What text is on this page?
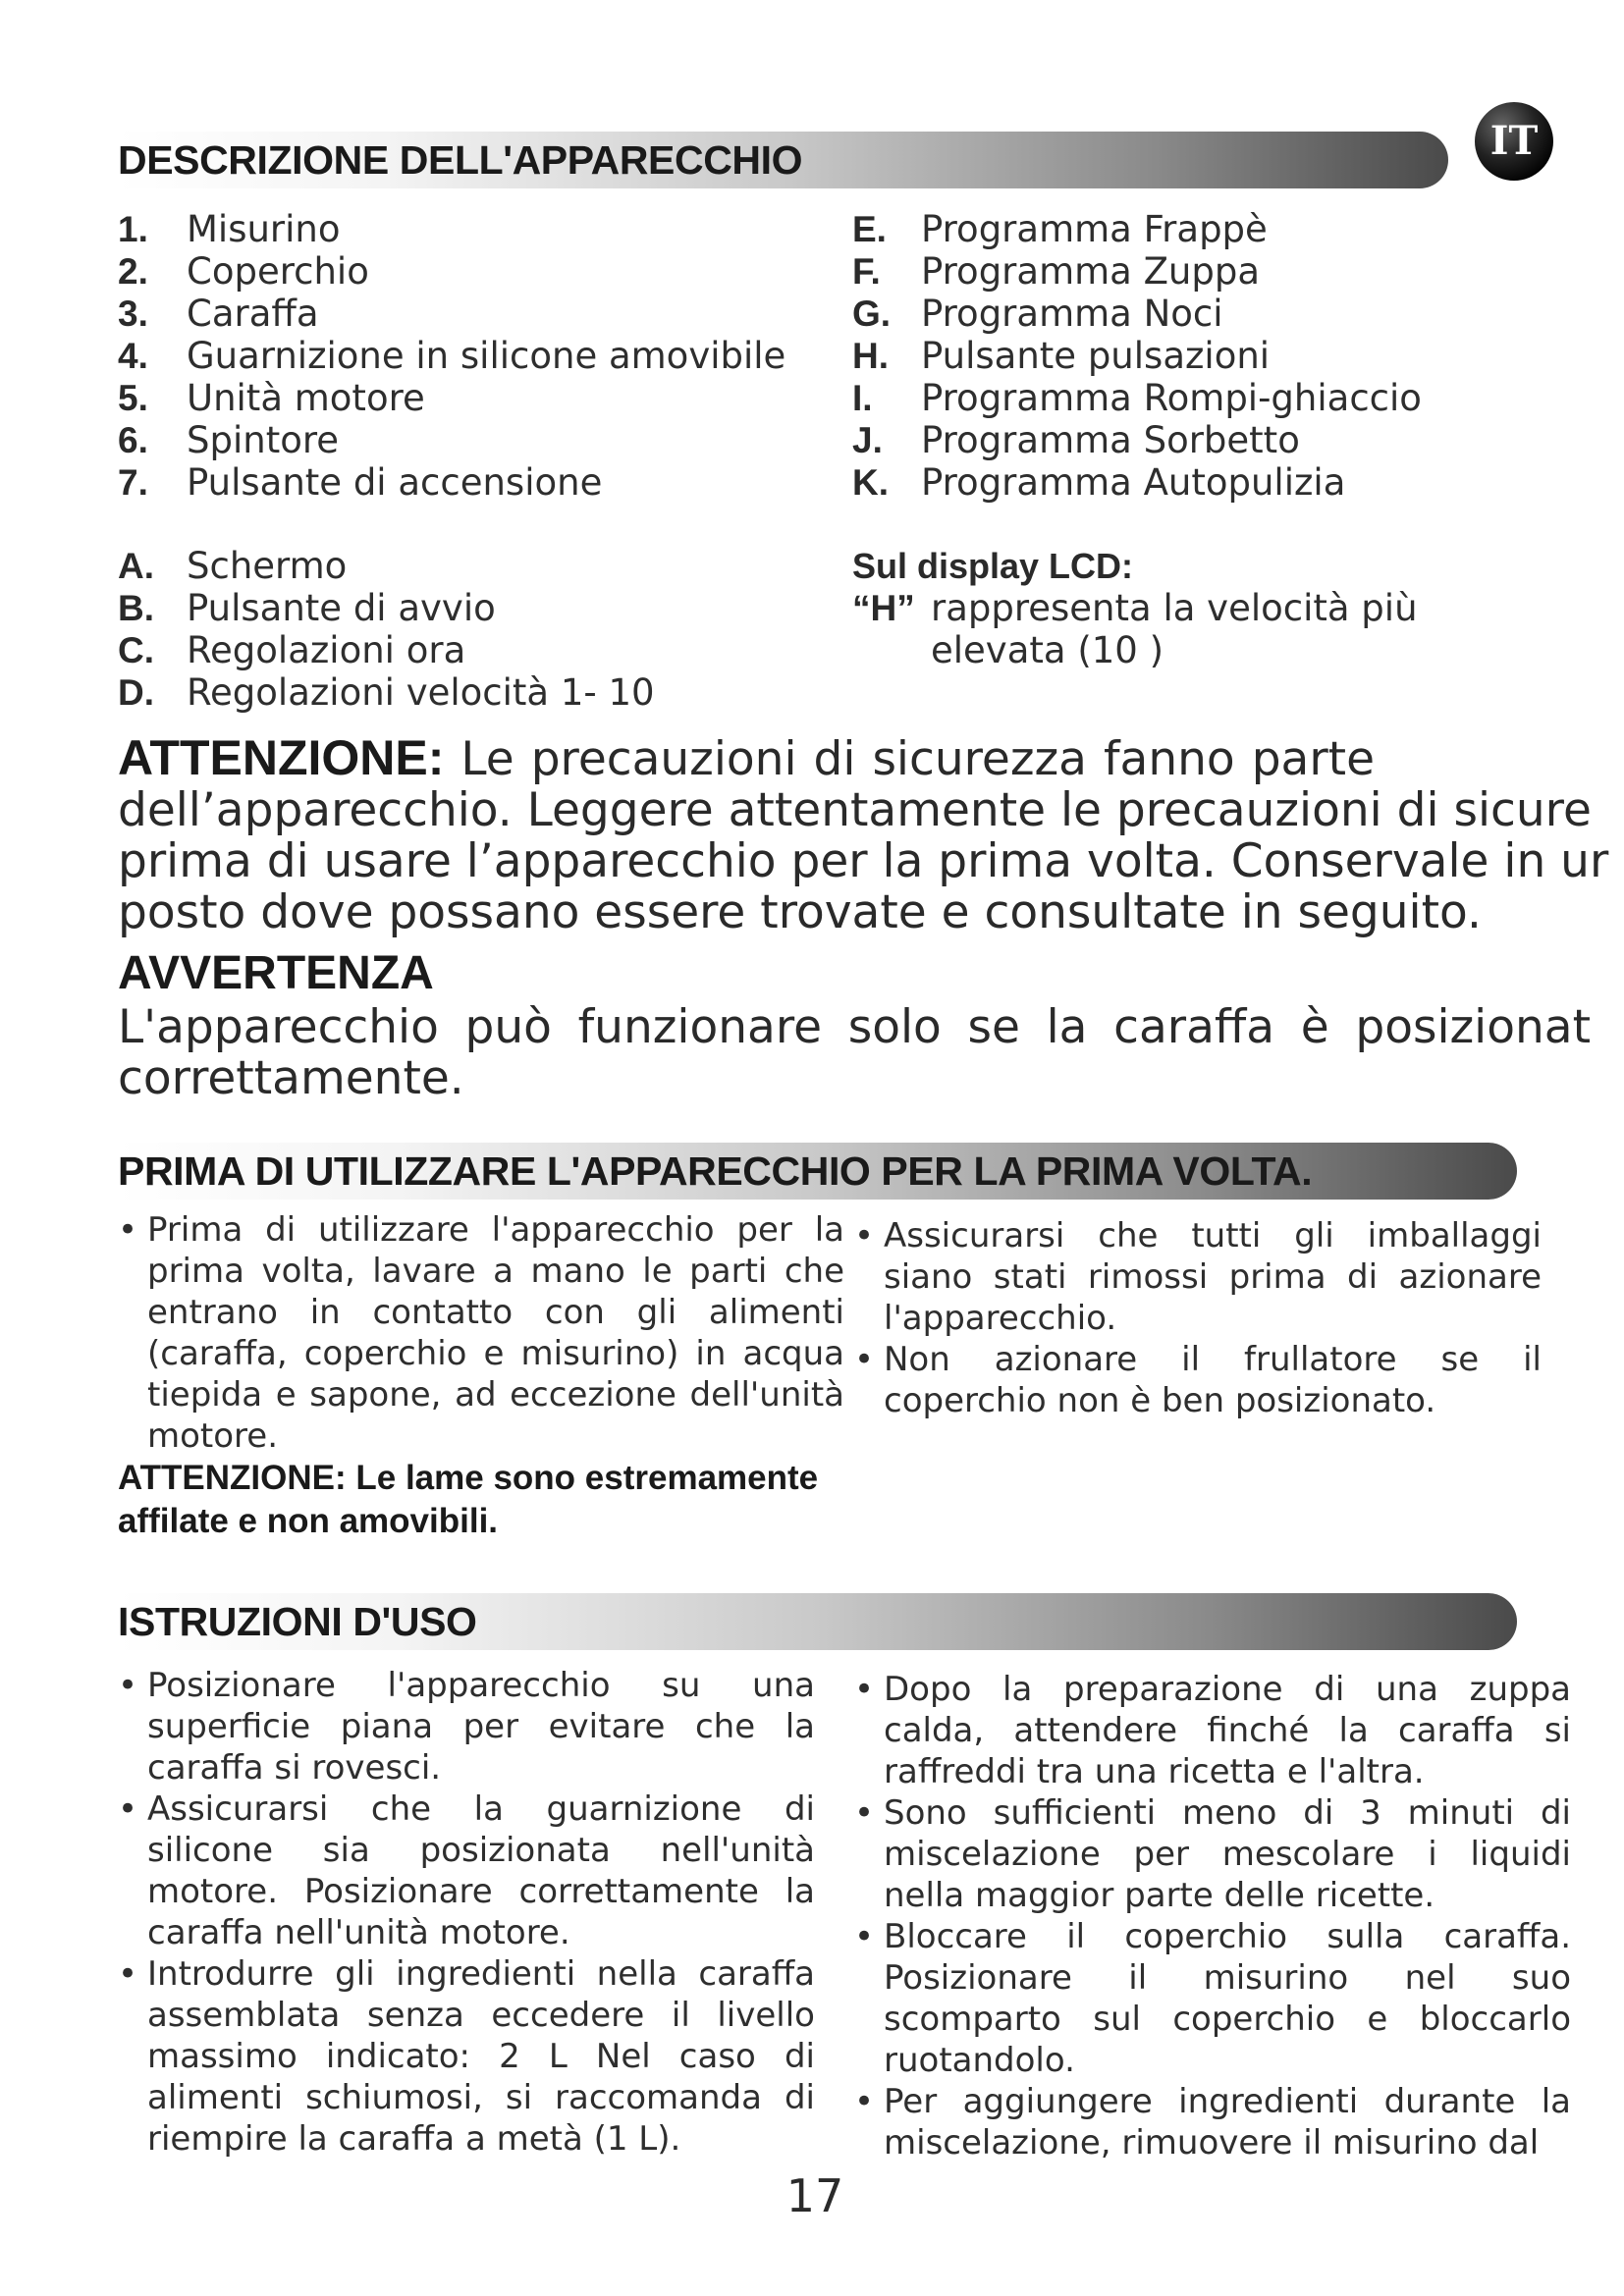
IT
DESCRIZIONE DELL'APPARECCHIO
1. Misurino
2. Coperchio
3. Caraffa
4. Guarnizione in silicone amovibile
5. Unità motore
6. Spintore
7. Pulsante di accensione
E. Programma Frappè
F. Programma Zuppa
G. Programma Noci
H. Pulsante pulsazioni
I. Programma Rompi-ghiaccio
J. Programma Sorbetto
K. Programma Autopulizia
A. Schermo
B. Pulsante di avvio
C. Regolazioni ora
D. Regolazioni velocità 1- 10
Sul display LCD:
“H” rappresenta la velocità più
elevata (10 )
ATTENZIONE: Le precauzioni di sicurezza fanno parte
dell’apparecchio. Leggere attentamente le precauzioni di sicure
prima di usare l’apparecchio per la prima volta. Conservale in ur
posto dove possano essere trovate e consultate in seguito.
AVVERTENZA
L'apparecchio può funzionare solo se la caraffa è posizionat
correttamente.
PRIMA DI UTILIZZARE L'APPARECCHIO PER LA PRIMA VOLTA.

• Prima di utilizzare l'apparecchio per la prima volta, lavare a mano le parti che entrano in contatto con gli alimenti (caraffa, coperchio e misurino) in acqua tiepida e sapone, ad eccezione dell'unità motore.

ATTENZIONE: Le lame sono estremamente affilate e non amovibili.

• Assicurarsi che tutti gli imballaggi siano stati rimossi prima di azionare l'apparecchio.

• Non azionare il frullatore se il coperchio non è ben posizionato.

ISTRUZIONI D'USO

• Posizionare l'apparecchio su una superficie piana per evitare che la caraffa si rovesci.

• Assicurarsi che la guarnizione di silicone sia posizionata nell'unità motore. Posizionare correttamente la caraffa nell'unità motore.

• Introdurre gli ingredienti nella caraffa assemblata senza eccedere il livello massimo indicato: 2 L Nel caso di alimenti schiumosi, si raccomanda di riempire la caraffa a metà (1 L).

• Dopo la preparazione di una zuppa calda, attendere finché la caraffa si raffreddi tra una ricetta e l'altra.

• Sono sufficienti meno di 3 minuti di miscelazione per mescolare i liquidi nella maggior parte delle ricette.

• Bloccare il coperchio sulla caraffa. Posizionare il misurino nel suo scomparto sul coperchio e bloccarlo ruotandolo.

• Per aggiungere ingredienti durante la miscelazione, rimuovere il misurino dal

17
